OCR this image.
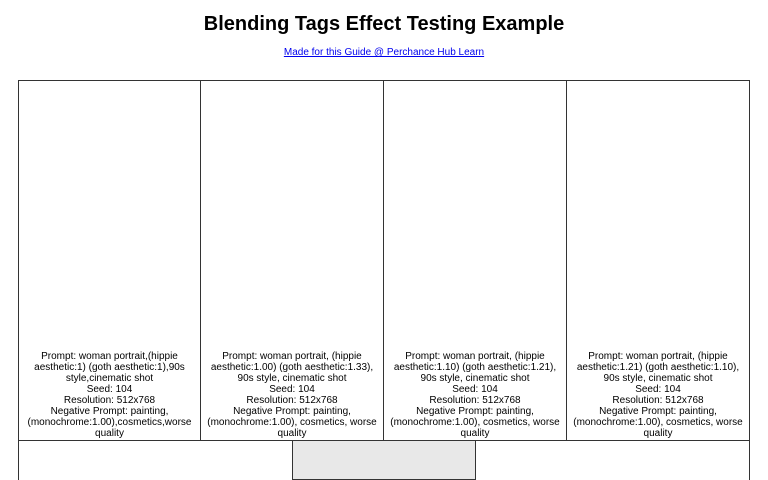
Blending Tags Effect Testing Example
Made for this Guide @ Perchance Hub Learn
Prompt: woman portrait,(hippie aesthetic:1) (goth aesthetic:1),90s style,cinematic shot
Seed: 104
Resolution: 512x768
Negative Prompt: painting,(monochrome:1.00),cosmetics,worse quality
Prompt: woman portrait, (hippie aesthetic:1.00) (goth aesthetic:1.33), 90s style, cinematic shot
Seed: 104
Resolution: 512x768
Negative Prompt: painting, (monochrome:1.00), cosmetics, worse quality
Prompt: woman portrait, (hippie aesthetic:1.10) (goth aesthetic:1.21), 90s style, cinematic shot
Seed: 104
Resolution: 512x768
Negative Prompt: painting, (monochrome:1.00), cosmetics, worse quality
Prompt: woman portrait, (hippie aesthetic:1.21) (goth aesthetic:1.10), 90s style, cinematic shot
Seed: 104
Resolution: 512x768
Negative Prompt: painting, (monochrome:1.00), cosmetics, worse quality
